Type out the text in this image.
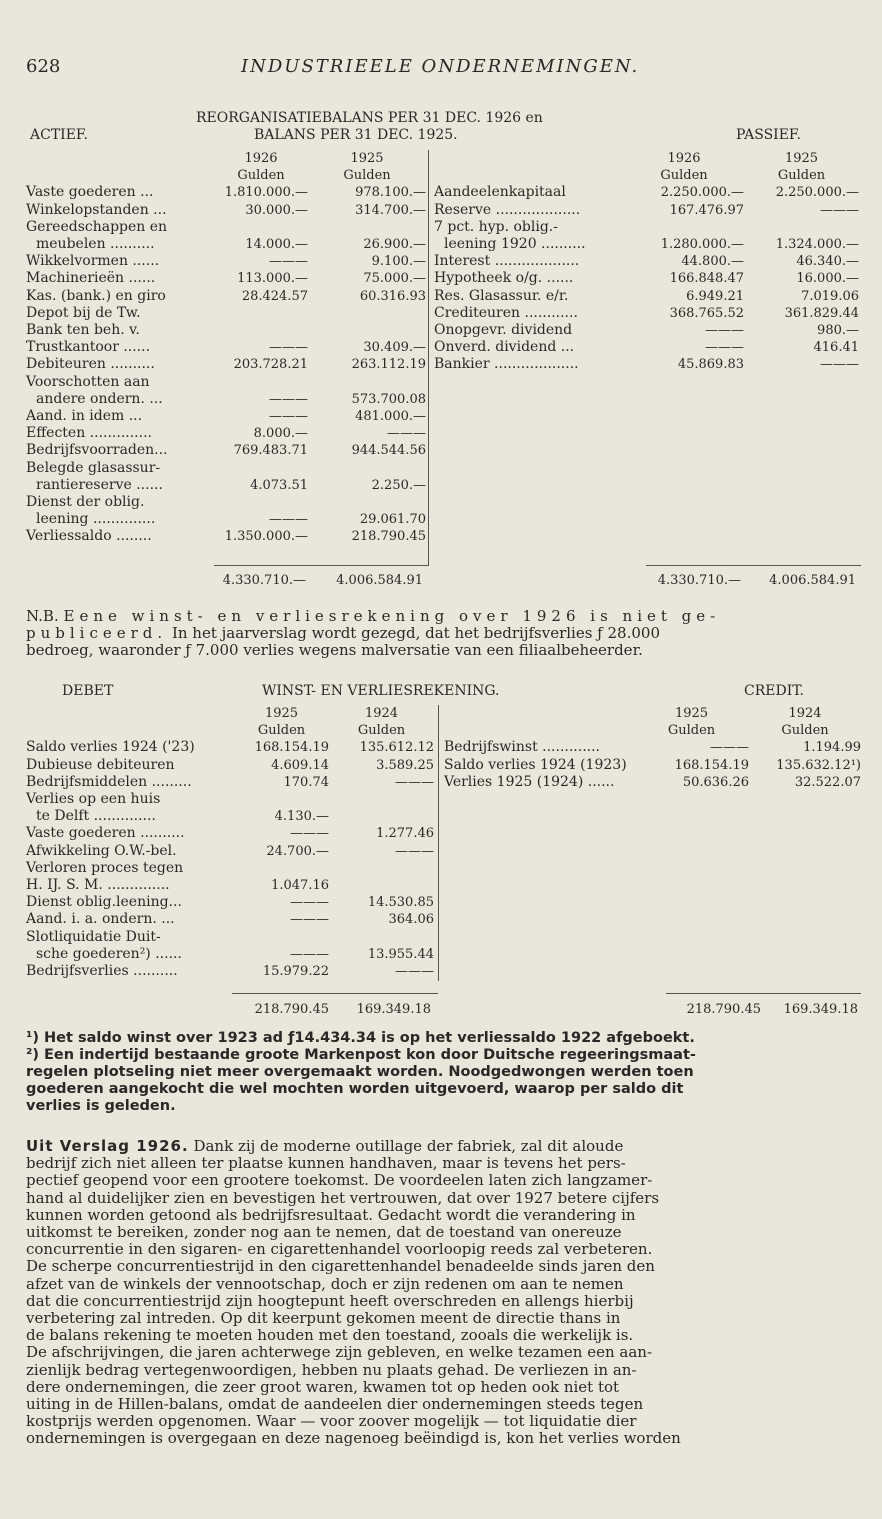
628	INDUSTRIEELE ONDERNEMINGEN.
REORGANISATIEBALANS PER 31 DEC. 1926 en
ACTIEF.	BALANS PER 31 DEC. 1925.	PASSIEF.
	1926	1925
	Gulden	Gulden
Vaste goederen ...	1.810.000.—	978.100.—
Winkelopstanden ...	30.000.—	314.700.—
Gereedschappen en		
meubelen ..........	14.000.—	26.900.—
Wikkelvormen ......	———	9.100.—
Machinerieën ......	113.000.—	75.000.—
Kas. (bank.) en giro	28.424.57	60.316.93
Depot bij de Tw.		
Bank ten beh. v.		
Trustkantoor ......	———	30.409.—
Debiteuren ..........	203.728.21	263.112.19
Voorschotten aan		
andere ondern. ...	———	573.700.08
Aand. in idem ...	———	481.000.—
Effecten ..............	8.000.—	———
Bedrijfsvoorraden...	769.483.71	944.544.56
Belegde glasassur-		
rantiereserve ......	4.073.51	2.250.—
Dienst der oblig.		
leening ..............	———	29.061.70
Verliessaldo ........	1.350.000.—	218.790.45
	1926	1925
	Gulden	Gulden
Aandeelenkapitaal	2.250.000.—	2.250.000.—
Reserve ...................	167.476.97	———
7 pct. hyp. oblig.-		
leening 1920 ..........	1.280.000.—	1.324.000.—
Interest ...................	44.800.—	46.340.—
Hypotheek o/g. ......	166.848.47	16.000.—
Res. Glasassur. e/r.	6.949.21	7.019.06
Crediteuren ............	368.765.52	361.829.44
Onopgevr. dividend	———	980.—
Onverd. dividend ...	———	416.41
Bankier ...................	45.869.83	———
4.330.710.—	4.006.584.91	4.330.710.—	4.006.584.91
N.B. Eene winst- en verliesrekening over 1926 is niet ge-
publiceerd. In het jaarverslag wordt gezegd, dat het bedrijfsverlies ƒ 28.000
bedroeg, waaronder ƒ 7.000 verlies wegens malversatie van een filiaalbeheerder.
DEBET	WINST- EN VERLIESREKENING.	CREDIT.
	1925	1924
	Gulden	Gulden
Saldo verlies 1924 ('23)	168.154.19	135.612.12
Dubieuse debiteuren	4.609.14	3.589.25
Bedrijfsmiddelen .........	170.74	———
Verlies op een huis		
te Delft ..............	4.130.—	
Vaste goederen ..........	———	1.277.46
Afwikkeling O.W.-bel.	24.700.—	———
Verloren proces tegen		
H. IJ. S. M. ..............	1.047.16	
Dienst oblig.leening...	———	14.530.85
Aand. i. a. ondern. ...	———	364.06
Slotliquidatie Duit-		
sche goederen²) ......	———	13.955.44
Bedrijfsverlies ..........	15.979.22	———
	1925	1924
	Gulden	Gulden
Bedrijfswinst .............	———	1.194.99
Saldo verlies 1924 (1923)	168.154.19	135.632.12¹)
Verlies 1925 (1924) ......	50.636.26	32.522.07
218.790.45	169.349.18	218.790.45	169.349.18
¹) Het saldo winst over 1923 ad ƒ14.434.34 is op het verliessaldo 1922 afgeboekt.
²) Een indertijd bestaande groote Markenpost kon door Duitsche regeeringsmaat-
regelen plotseling niet meer overgemaakt worden. Noodgedwongen werden toen
goederen aangekocht die wel mochten worden uitgevoerd, waarop per saldo dit
verlies is geleden.
Uit Verslag 1926. Dank zij de moderne outillage der fabriek, zal dit aloude
bedrijf zich niet alleen ter plaatse kunnen handhaven, maar is tevens het pers-
pectief geopend voor een grootere toekomst. De voordeelen laten zich langzamer-
hand al duidelijker zien en bevestigen het vertrouwen, dat over 1927 betere cijfers
kunnen worden getoond als bedrijfsresultaat. Gedacht wordt die verandering in
uitkomst te bereiken, zonder nog aan te nemen, dat de toestand van onereuze
concurrentie in den sigaren- en cigarettenhandel voorloopig reeds zal verbeteren.
De scherpe concurrentiestrijd in den cigarettenhandel benadeelde sinds jaren den
afzet van de winkels der vennootschap, doch er zijn redenen om aan te nemen
dat die concurrentiestrijd zijn hoogtepunt heeft overschreden en allengs hierbij
verbetering zal intreden. Op dit keerpunt gekomen meent de directie thans in
de balans rekening te moeten houden met den toestand, zooals die werkelijk is.
De afschrijvingen, die jaren achterwege zijn gebleven, en welke tezamen een aan-
zienlijk bedrag vertegenwoordigen, hebben nu plaats gehad. De verliezen in an-
dere ondernemingen, die zeer groot waren, kwamen tot op heden ook niet tot
uiting in de Hillen-balans, omdat de aandeelen dier ondernemingen steeds tegen
kostprijs werden opgenomen. Waar — voor zoover mogelijk — tot liquidatie dier
ondernemingen is overgegaan en deze nagenoeg beëindigd is, kon het verlies worden
